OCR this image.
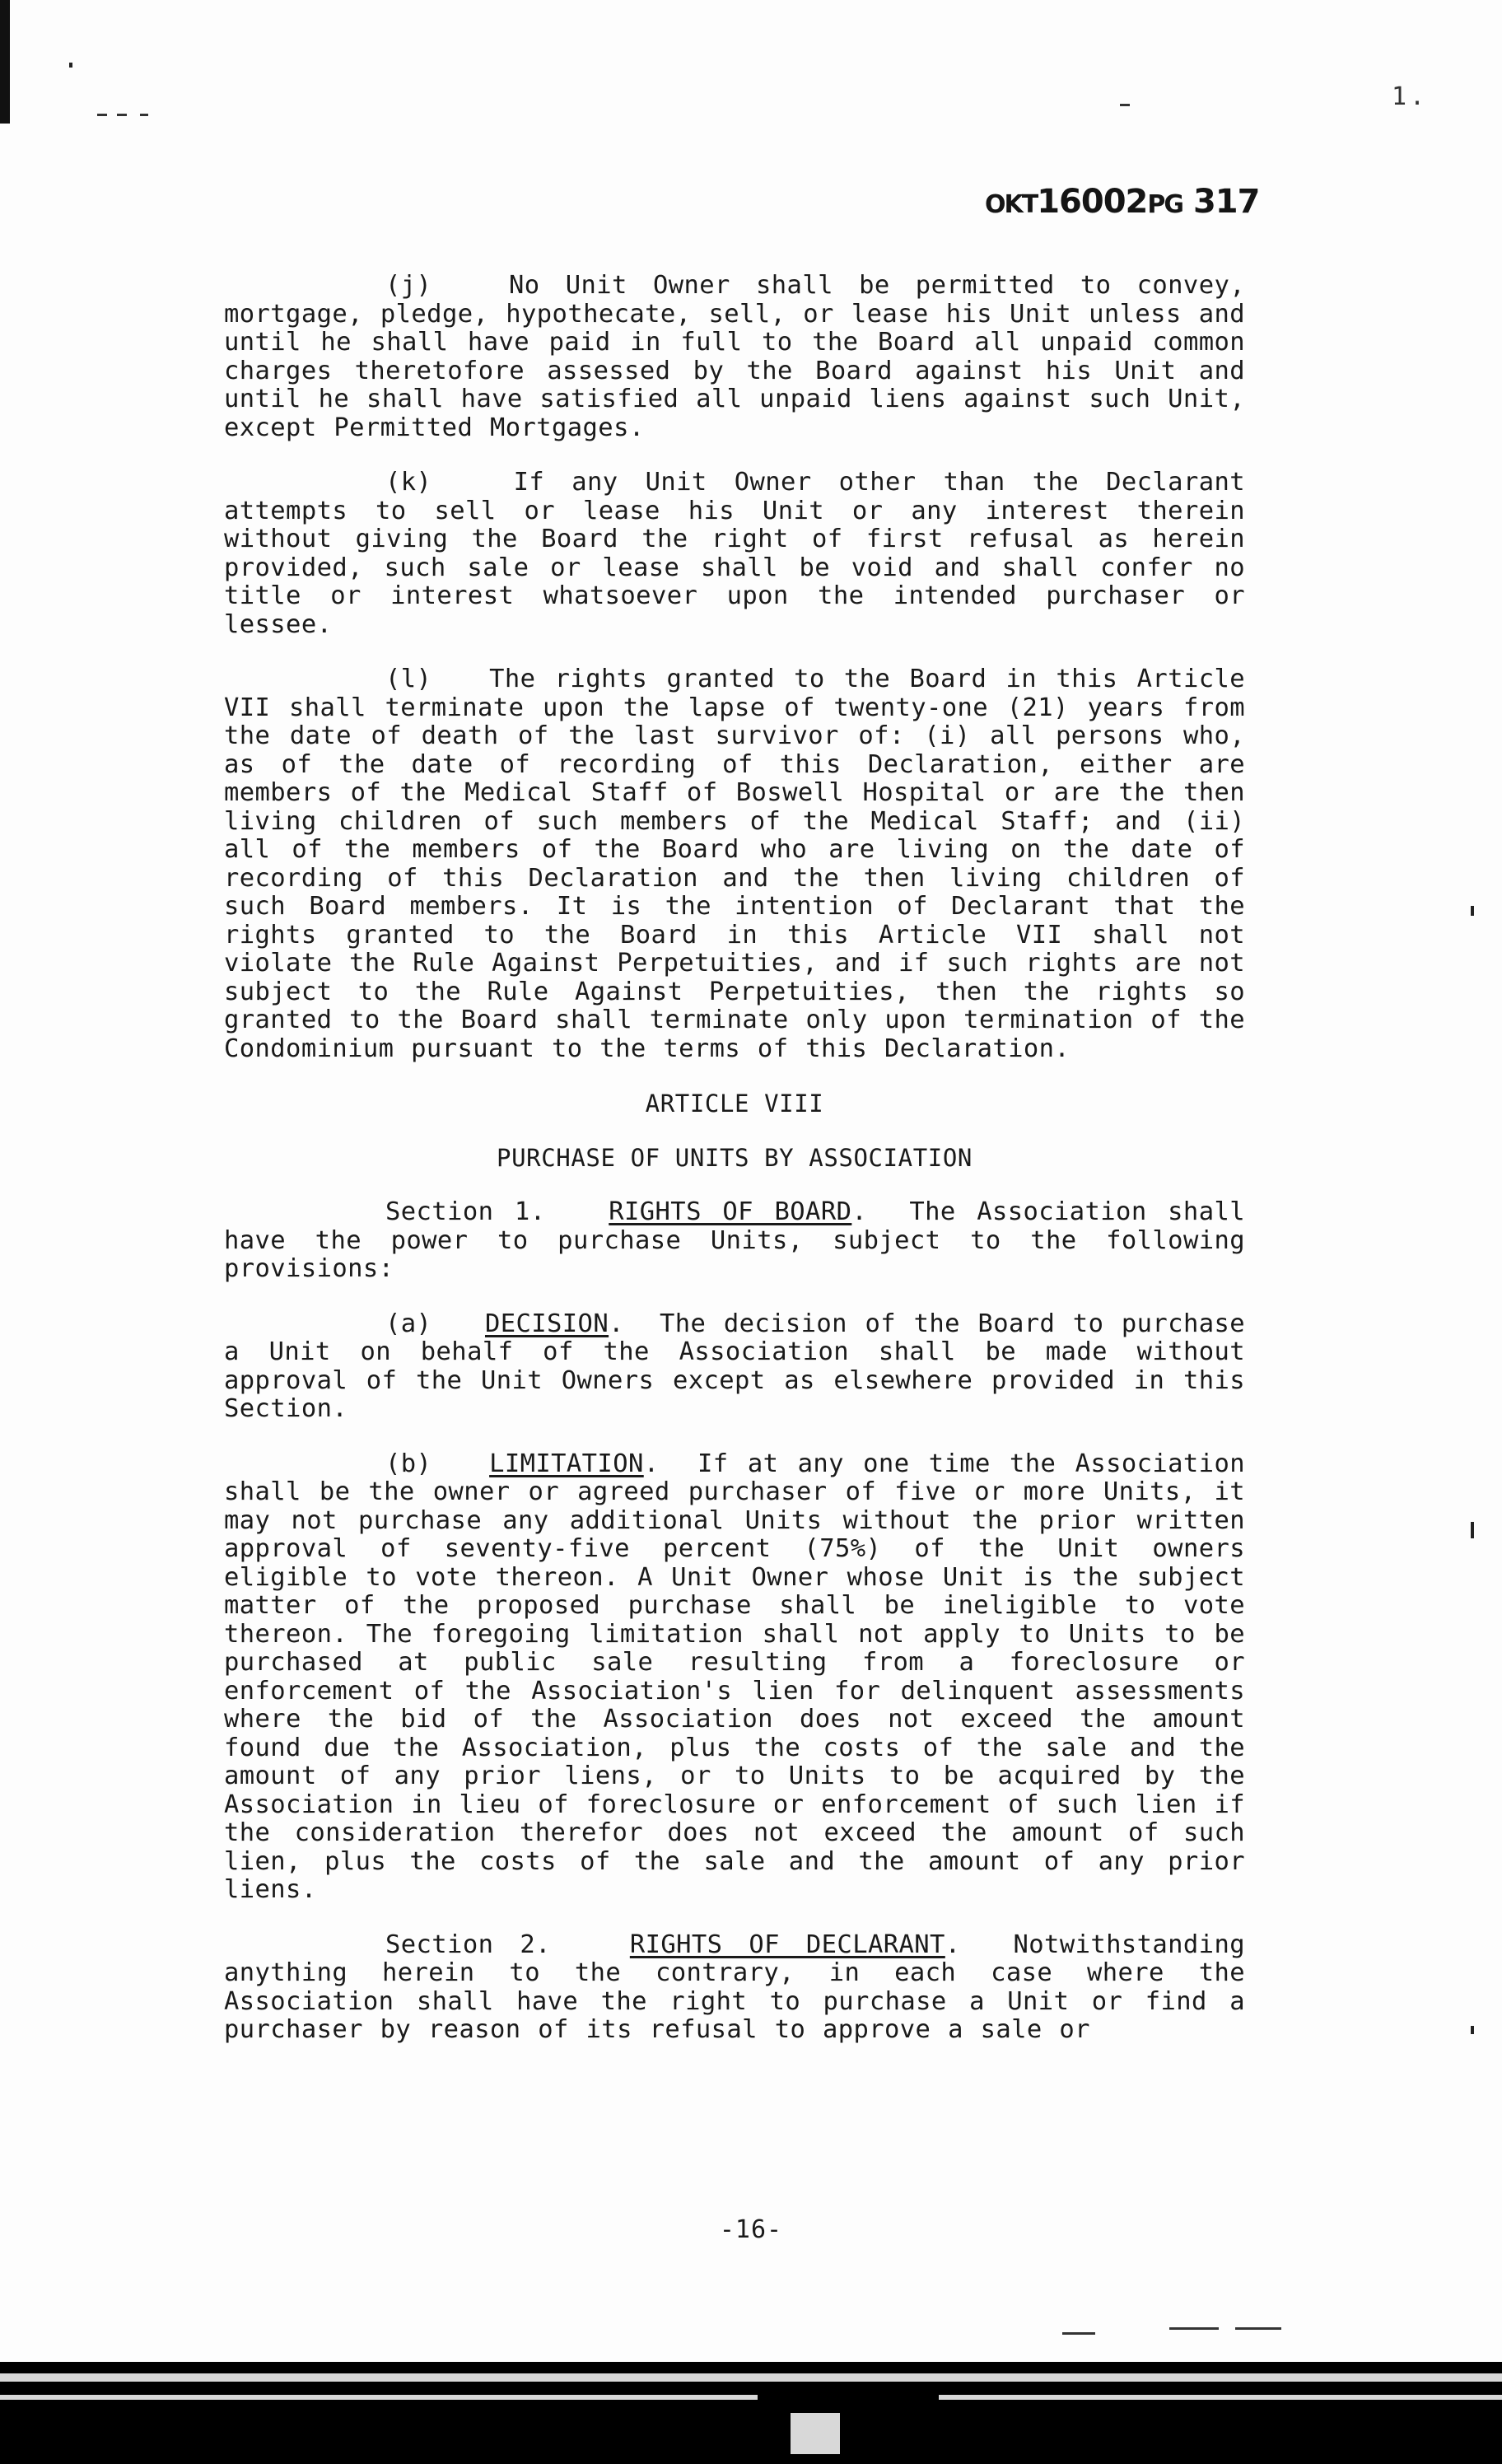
1.
OKT16002PG 317

(j)	No Unit Owner shall be permitted to convey, mortgage, pledge, hypothecate, sell, or lease his Unit unless and until he shall have paid in full to the Board all unpaid common charges theretofore assessed by the Board against his Unit and until he shall have satisfied all unpaid liens against such Unit, except Permitted Mortgages.

(k)	If any Unit Owner other than the Declarant attempts to sell or lease his Unit or any interest therein without giving the Board the right of first refusal as herein provided, such sale or lease shall be void and shall confer no title or interest whatsoever upon the intended purchaser or lessee.

(l) The rights granted to the Board in this Article VII shall terminate upon the lapse of twenty-one (21) years from the date of death of the last survivor of: (i) all persons who, as of the date of recording of this Declaration, either are members of the Medical Staff of Boswell Hospital or are the then living children of such members of the Medical Staff; and (ii) all of the members of the Board who are living on the date of recording of this Declaration and the then living children of such Board members. It is the intention of Declarant that the rights granted to the Board in this Article VII shall not violate the Rule Against Perpetuities, and if such rights are not subject to the Rule Against Perpetuities, then the rights so granted to the Board shall terminate only upon termination of the Condominium pursuant to the terms of this Declaration.

ARTICLE VIII
PURCHASE OF UNITS BY ASSOCIATION

Section 1.	RIGHTS OF BOARD.  The Association shall have the power to purchase Units, subject to the following provisions:

(a) DECISION.  The decision of the Board to purchase a Unit on behalf of the Association shall be made without approval of the Unit Owners except as elsewhere provided in this Section.

(b) LIMITATION.  If at any one time the Association shall be the owner or agreed purchaser of five or more Units, it may not purchase any additional Units without the prior written approval of seventy-five percent (75%) of the Unit owners eligible to vote thereon. A Unit Owner whose Unit is the subject matter of the proposed purchase shall be ineligible to vote thereon. The foregoing limitation shall not apply to Units to be purchased at public sale resulting from a foreclosure or enforcement of the Association's lien for delinquent assessments where the bid of the Association does not exceed the amount found due the Association, plus the costs of the sale and the amount of any prior liens, or to Units to be acquired by the Association in lieu of foreclosure or enforcement of such lien if the consideration therefor does not exceed the amount of such lien, plus the costs of the sale and the amount of any prior liens.

Section 2.	RIGHTS OF DECLARANT.  Notwithstanding anything herein to the contrary, in each case where the Association shall have the right to purchase a Unit or find a purchaser by reason of its refusal to approve a sale or

-16-
